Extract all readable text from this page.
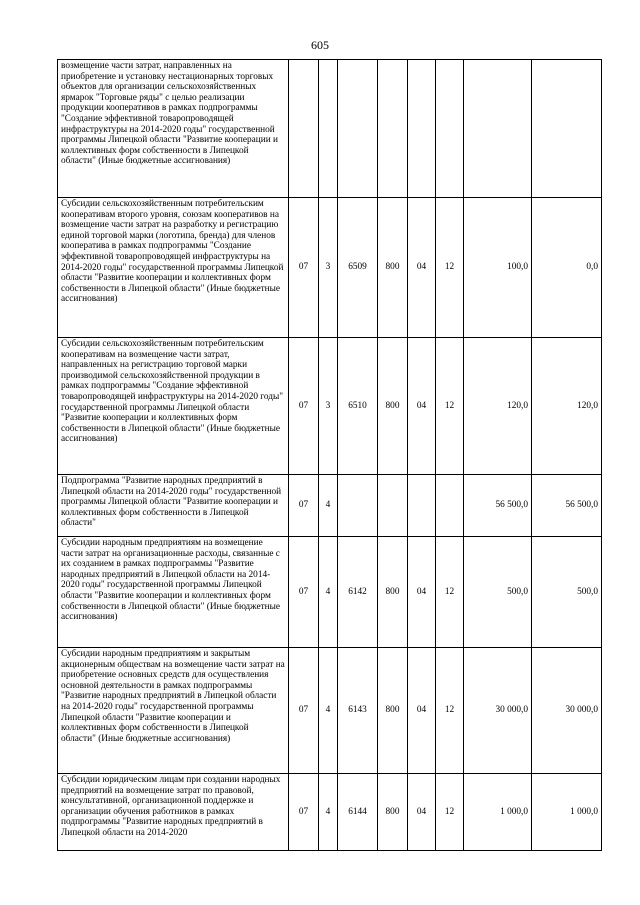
605
возмещение части затрат, направленных на приобретение и установку нестационарных торговых объектов для организации сельскохозяйственных ярмарок "Торговые ряды" с целью реализации продукции кооперативов в рамках подпрограммы "Создание эффективной товаропроводящей инфраструктуры на 2014-2020 годы" государственной программы Липецкой области "Развитие кооперации и коллективных форм собственности в Липецкой области" (Иные бюджетные ассигнования)								
Субсидии сельскохозяйственным потребительским кооперативам второго уровня, союзам кооперативов на возмещение части затрат на разработку и регистрацию единой торговой марки (логотипа, бренда) для членов кооператива в рамках подпрограммы "Создание эффективной товаропроводящей инфраструктуры на 2014-2020 годы" государственной программы Липецкой области "Развитие кооперации и коллективных форм собственности в Липецкой области" (Иные бюджетные ассигнования)	07	3	6509	800	04	12	100,0	0,0
Субсидии сельскохозяйственным потребительским кооперативам на возмещение части затрат, направленных на регистрацию торговой марки производимой сельскохозяйственной продукции в рамках подпрограммы "Создание эффективной товаропроводящей инфраструктуры на 2014-2020 годы" государственной программы Липецкой области "Развитие кооперации и коллективных форм собственности в Липецкой области" (Иные бюджетные ассигнования)	07	3	6510	800	04	12	120,0	120,0
Подпрограмма "Развитие народных предприятий в Липецкой области на 2014-2020 годы" государственной программы Липецкой области "Развитие кооперации и коллективных форм собственности в Липецкой области"	07	4					56 500,0	56 500,0
Субсидии народным предприятиям на возмещение части затрат на организационные расходы, связанные с их созданием в рамках подпрограммы "Развитие народных предприятий в Липецкой области на 2014-2020 годы" государственной программы Липецкой области "Развитие кооперации и коллективных форм собственности в Липецкой области" (Иные бюджетные ассигнования)	07	4	6142	800	04	12	500,0	500,0
Субсидии народным предприятиям и закрытым акционерным обществам на возмещение части затрат на приобретение основных средств для осуществления основной деятельности в рамках подпрограммы "Развитие народных предприятий в Липецкой области на 2014-2020 годы" государственной программы Липецкой области "Развитие кооперации и коллективных форм собственности в Липецкой области" (Иные бюджетные ассигнования)	07	4	6143	800	04	12	30 000,0	30 000,0
Субсидии юридическим лицам при создании народных предприятий на возмещение затрат по правовой, консультативной, организационной поддержке и организации обучения работников в рамках подпрограммы "Развитие народных предприятий в Липецкой области на 2014-2020	07	4	6144	800	04	12	1 000,0	1 000,0
